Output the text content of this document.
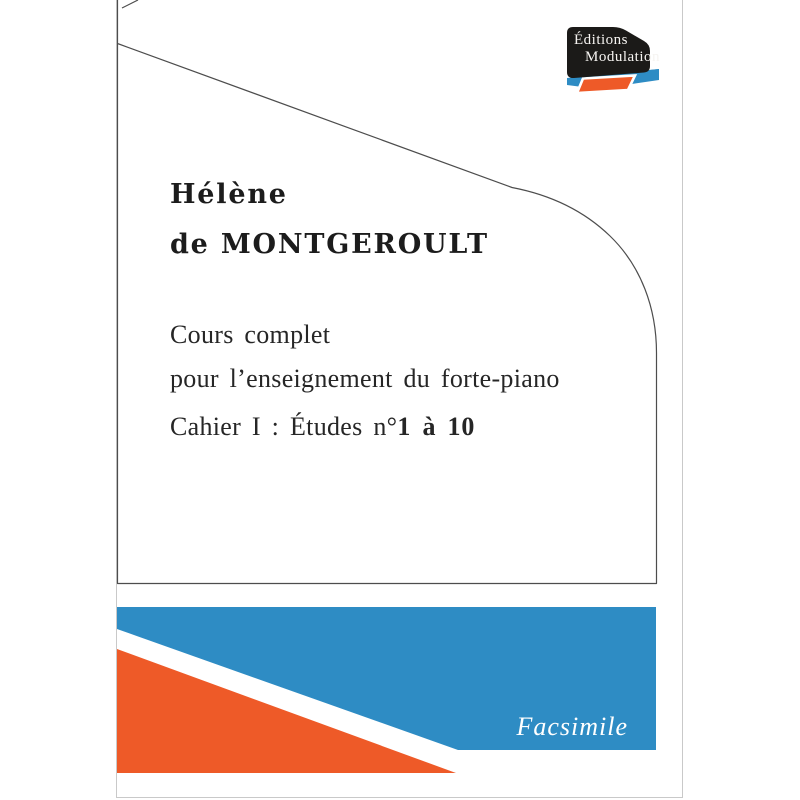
Éditions
Modulation
Hélène
de MONTGEROULT
Cours complet
pour l’enseignement du forte-piano
Cahier I : Études n°1 à 10
Facsimile
